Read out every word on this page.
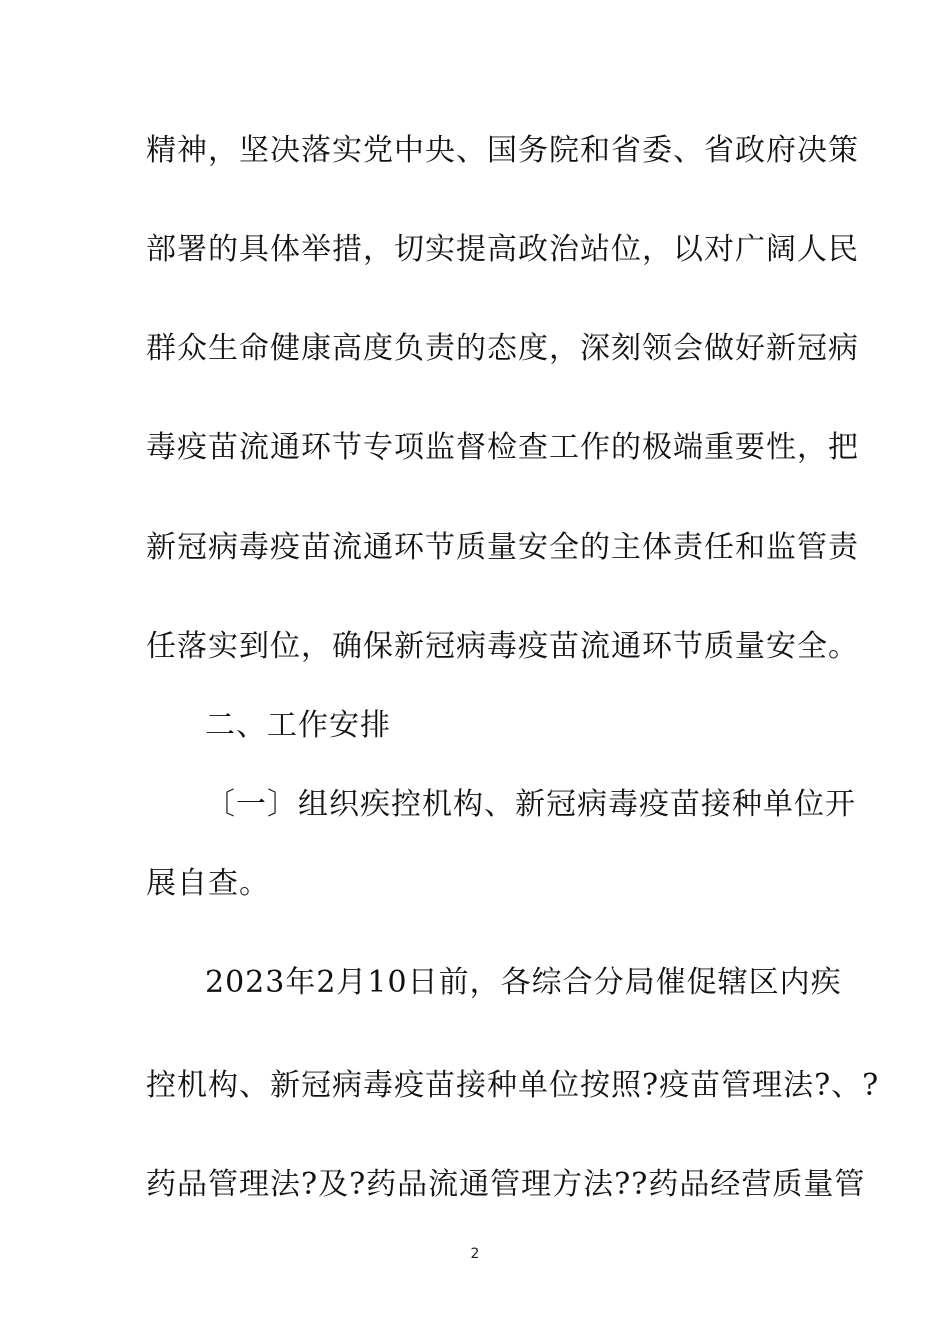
精神，坚决落实党中央、国务院和省委、省政府决策
部署的具体举措，切实提高政治站位，以对广阔人民
群众生命健康高度负责的态度，深刻领会做好新冠病
毒疫苗流通环节专项监督检查工作的极端重要性，把
新冠病毒疫苗流通环节质量安全的主体责任和监管责
任落实到位，确保新冠病毒疫苗流通环节质量安全。
二、工作安排
〔一〕组织疾控机构、新冠病毒疫苗接种单位开
展自查。
2023年2月10日前，各综合分局催促辖区内疾
控机构、新冠病毒疫苗接种单位按照?疫苗管理法?、?
药品管理法?及?药品流通管理方法??药品经营质量管
2
